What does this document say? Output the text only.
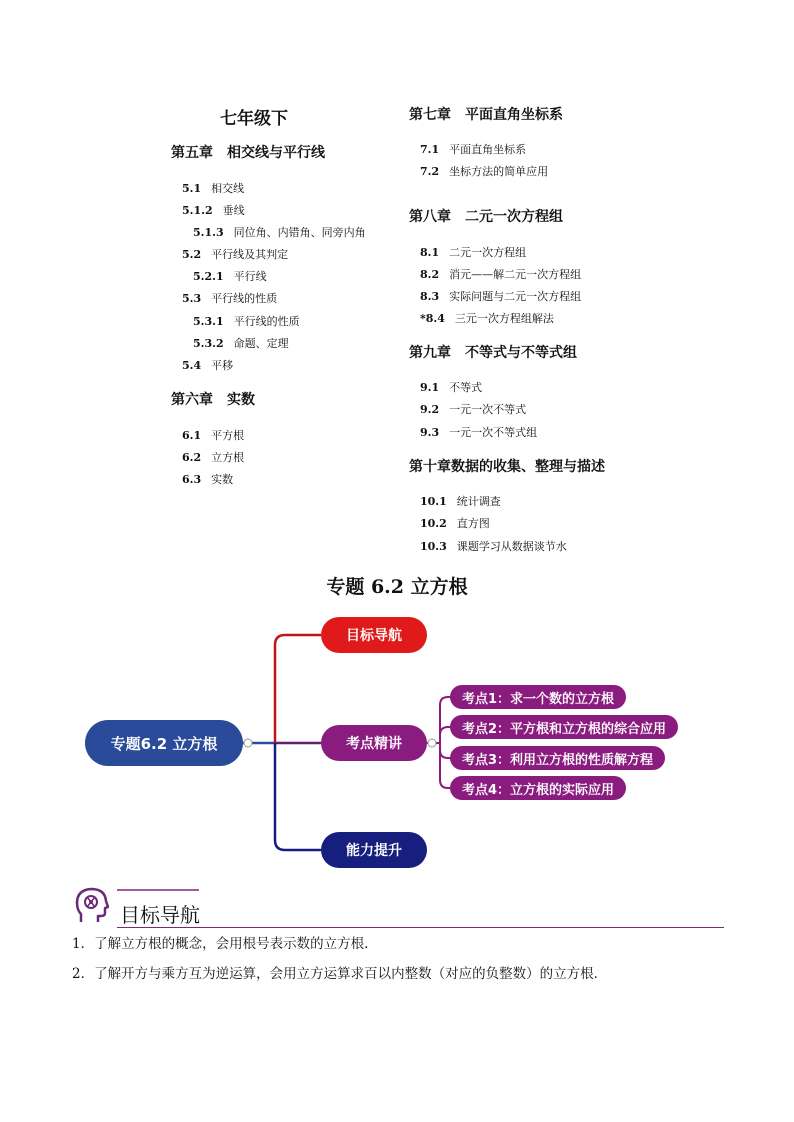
七年级下
第五章　相交线与平行线
5.1 相交线
5.1.2 垂线
5.1.3 同位角、内错角、同旁内角
5.2 平行线及其判定
5.2.1 平行线
5.3 平行线的性质
5.3.1 平行线的性质
5.3.2 命题、定理
5.4 平移
第六章　实数
6.1 平方根
6.2 立方根
6.3 实数
第七章　平面直角坐标系
7.1 平面直角坐标系
7.2 坐标方法的简单应用
第八章　二元一次方程组
8.1 二元一次方程组
8.2 消元——解二元一次方程组
8.3 实际问题与二元一次方程组
*8.4 三元一次方程组解法
第九章　不等式与不等式组
9.1 不等式
9.2 一元一次不等式
9.3 一元一次不等式组
第十章数据的收集、整理与描述
10.1 统计调查
10.2 直方图
10.3 课题学习从数据谈节水
专题 6.2 立方根
专题6.2 立方根
目标导航
考点精讲
能力提升
考点1：求一个数的立方根
考点2：平方根和立方根的综合应用
考点3：利用立方根的性质解方程
考点4：立方根的实际应用
目标导航
1．了解立方根的概念，会用根号表示数的立方根．
2．了解开方与乘方互为逆运算，会用立方运算求百以内整数（对应的负整数）的立方根．
